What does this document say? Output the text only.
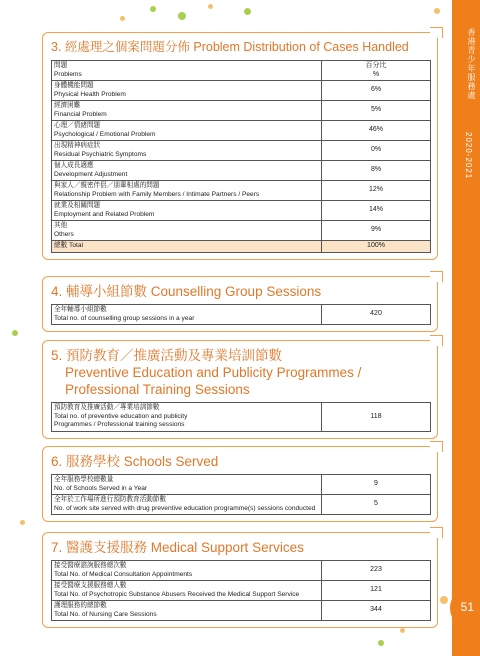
香港青少年服務處
2020-2021
51
3. 經處理之個案問題分佈 Problem Distribution of Cases Handled
問題
Problems	百分比
%

身體機能問題
Physical Health Problem	6%

經濟困難
Financial Problem	5%

心理／情緒問題
Psychological / Emotional Problem	46%

出現精神病症狀
Residual Psychiatric Symptoms	0%

個人成長適應
Development Adjustment	8%

與家人／親密伴侶／朋輩相處的問題
Relationship Problem with Family Members / Intimate Partners / Peers	12%

就業及相關問題
Employment and Related Problem	14%

其他
Others	9%
總數 Total	100%
4. 輔導小組節數 Counselling Group Sessions
全年輔導小組節數
Total no. of counselling group sessions in a year
	420
5. 預防教育／推廣活動及專業培訓節數
Preventive Education and Publicity Programmes /
Professional Training Sessions
預防教育及推廣活動／專業培訓節數
Total no. of preventive education and publicity
Programmes / Professional training sessions
	118
6. 服務學校 Schools Served
全年服務學校總數量
No. of Schools Served in a Year	9

全年於工作場所進行預防教育活動節數
No. of work site served with drug preventive education programme(s) sessions conducted	5
7. 醫護支援服務 Medical Support Services
接受醫療諮詢服務總次數
Total No. of Medical Consultation Appointments	223

接受醫療支援服務總人數
Total No. of Psychotropic Substance Abusers Received the Medical Support Service	121

護理服務的總節數
Total No. of Nursing Care Sessions	344
